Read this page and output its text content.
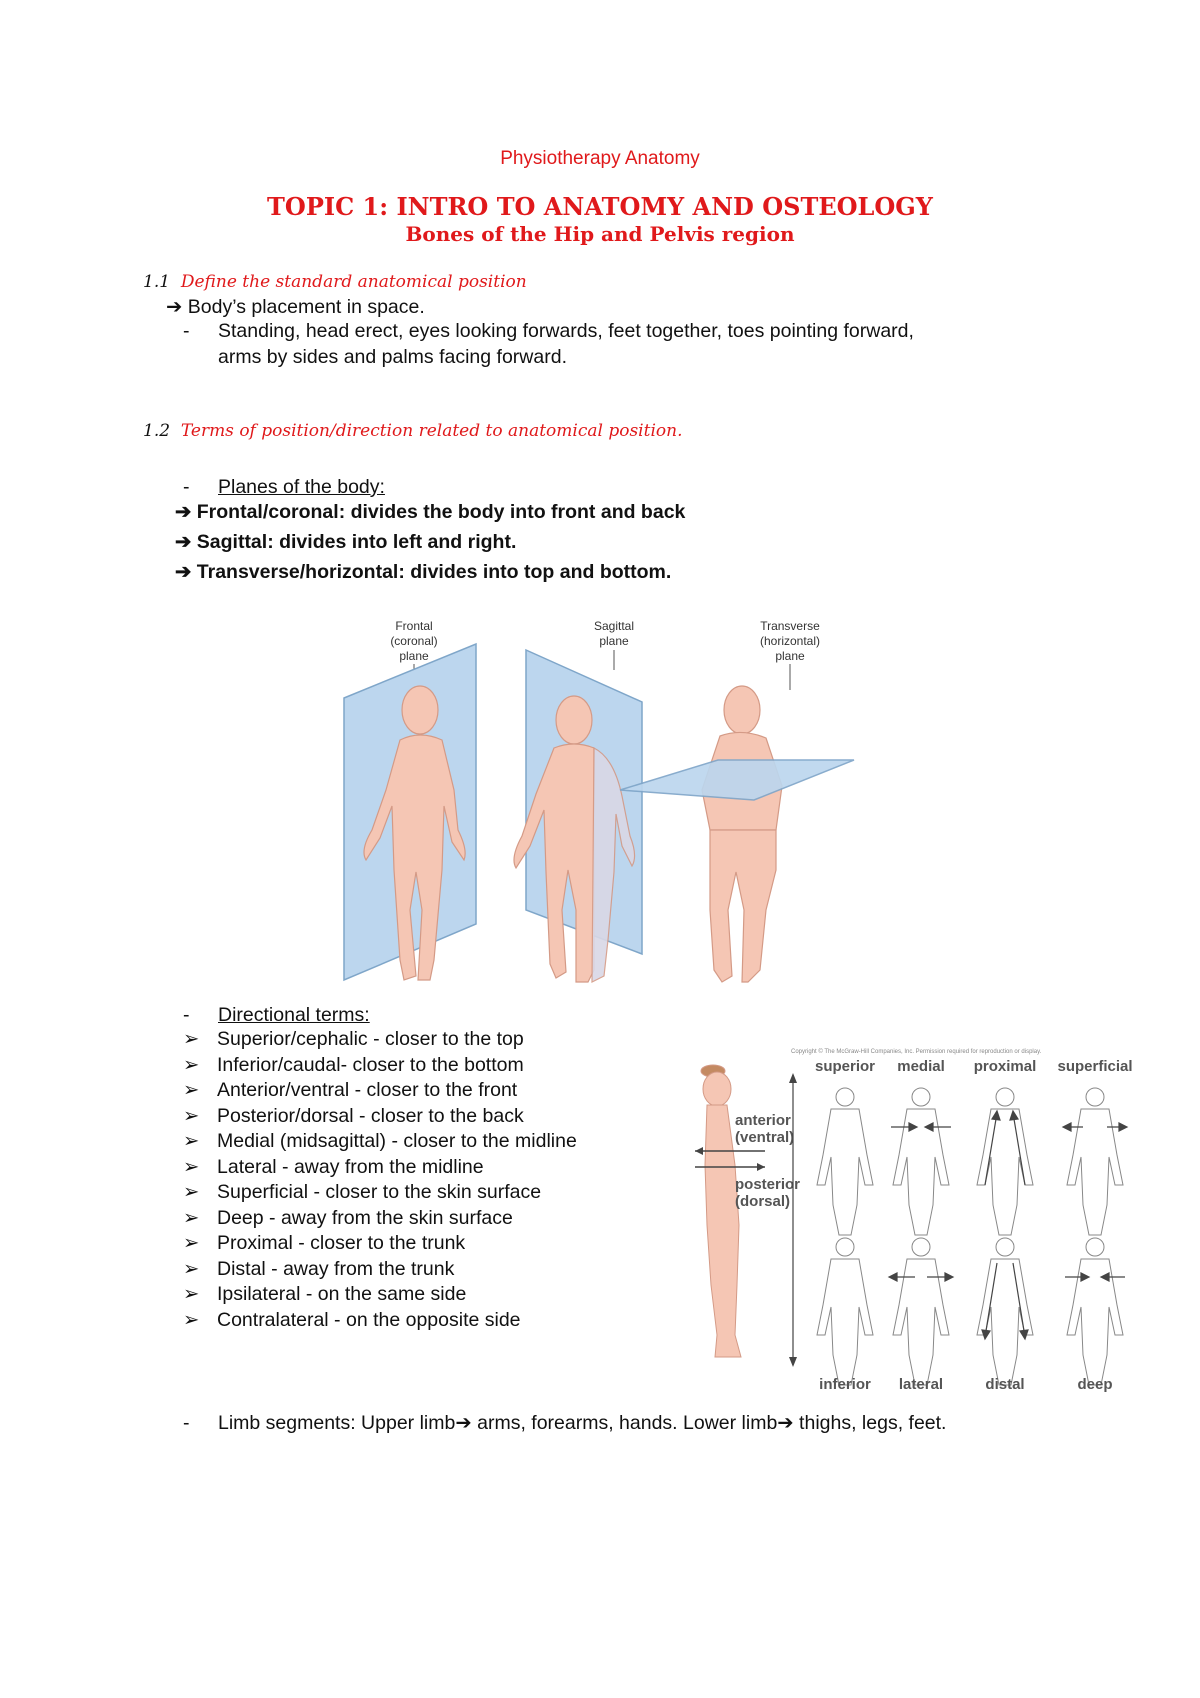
Physiotherapy Anatomy
TOPIC 1: INTRO TO ANATOMY AND OSTEOLOGY
Bones of the Hip and Pelvis region
1.1 Define the standard anatomical position
➔ Body’s placement in space.
- Standing, head erect, eyes looking forwards, feet together, toes pointing forward,
arms by sides and palms facing forward.
1.2 Terms of position/direction related to anatomical position.
- Planes of the body:
➔ Frontal/coronal: divides the body into front and back
➔ Sagittal: divides into left and right.
➔ Transverse/horizontal: divides into top and bottom.
Frontal
(coronal)
plane
Sagittal
plane
Transverse
(horizontal)
plane
- Directional terms:
➢ Superior/cephalic - closer to the top
➢ Inferior/caudal- closer to the bottom
➢ Anterior/ventral - closer to the front
➢ Posterior/dorsal - closer to the back
➢ Medial (midsagittal) - closer to the midline
➢ Lateral - away from the midline
➢ Superficial - closer to the skin surface
➢ Deep - away from the skin surface
➢ Proximal - closer to the trunk
➢ Distal - away from the trunk
➢ Ipsilateral - on the same side
➢ Contralateral - on the opposite side
Copyright © The McGraw-Hill Companies, Inc. Permission required for reproduction or display.
anterior
(ventral)
posterior
(dorsal)
superior medial proximal superficial
inferior lateral	distal	deep
- Limb segments: Upper limb➔ arms, forearms, hands. Lower limb➔ thighs, legs, feet.
